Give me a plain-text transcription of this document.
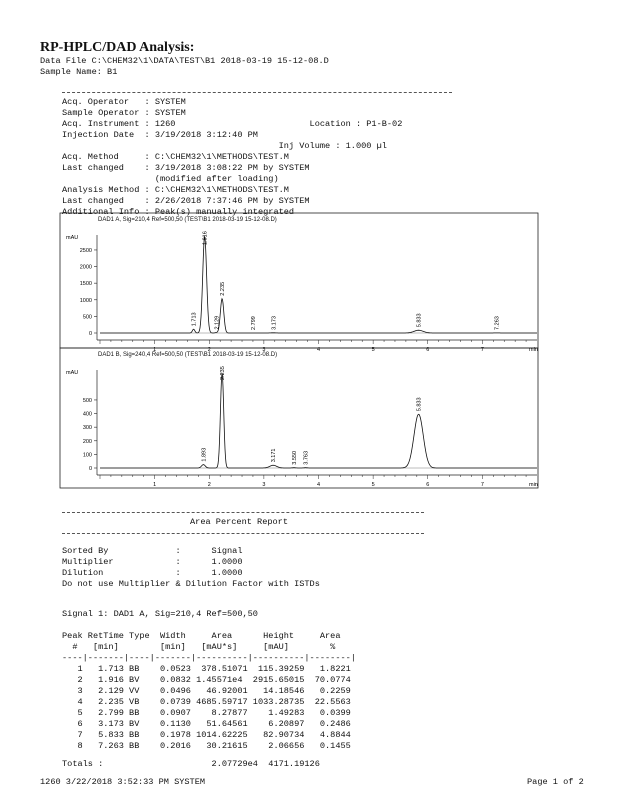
RP-HPLC/DAD Analysis:
Data File C:\CHEM32\1\DATA\TEST\B1 2018-03-19 15-12-08.D
Sample Name: B1
Acq. Operator   : SYSTEM
Sample Operator : SYSTEM
Acq. Instrument : 1260                          Location : P1-B-02
Injection Date  : 3/19/2018 3:12:40 PM
Inj Volume : 1.000 µl
Acq. Method     : C:\CHEM32\1\METHODS\TEST.M
Last changed    : 3/19/2018 3:08:22 PM by SYSTEM
(modified after loading)
Analysis Method : C:\CHEM32\1\METHODS\TEST.M
Last changed    : 2/26/2018 7:37:46 PM by SYSTEM
Additional Info : Peak(s) manually integrated
DAD1 A, Sig=210,4 Ref=500,50 (TEST\B1 2018-03-19 15-12-08.D)
mAU
0
500
1000
1500
2000
2500
1	2	3	4	5	6	7	min
1.713
1.916
2.129
2.235
2.799	3.173	5.833	7.263
DAD1 B, Sig=240,4 Ref=500,50 (TEST\B1 2018-03-19 15-12-08.D)
mAU
0
100
200
300
400
500
1	2	3	4	5	6	7	min
1.893
2.235
3.171	3.550 3.763
5.833
Area Percent Report
Sorted By             :      Signal
Multiplier            :      1.0000
Dilution              :      1.0000
Do not use Multiplier & Dilution Factor with ISTDs
Signal 1: DAD1 A, Sig=210,4 Ref=500,50
Peak RetTime Type  Width     Area      Height     Area
#   [min]        [min]   [mAU*s]     [mAU]        %
----|-------|----|-------|----------|----------|--------|
1   1.713 BB    0.0523  378.51071  115.39259   1.8221
2   1.916 BV    0.0832 1.45571e4  2915.65015  70.0774
3   2.129 VV    0.0496   46.92001   14.18546   0.2259
4   2.235 VB    0.0739 4685.59717 1033.28735  22.5563
5   2.799 BB    0.0907    8.27877    1.49283   0.0399
6   3.173 BV    0.1130   51.64561    6.20897   0.2486
7   5.833 BB    0.1978 1014.62225   82.90734   4.8844
8   7.263 BB    0.2016   30.21615    2.06656   0.1455
Totals :                     2.07729e4  4171.19126
1260 3/22/2018 3:52:33 PM SYSTEM	Page 1 of 2
